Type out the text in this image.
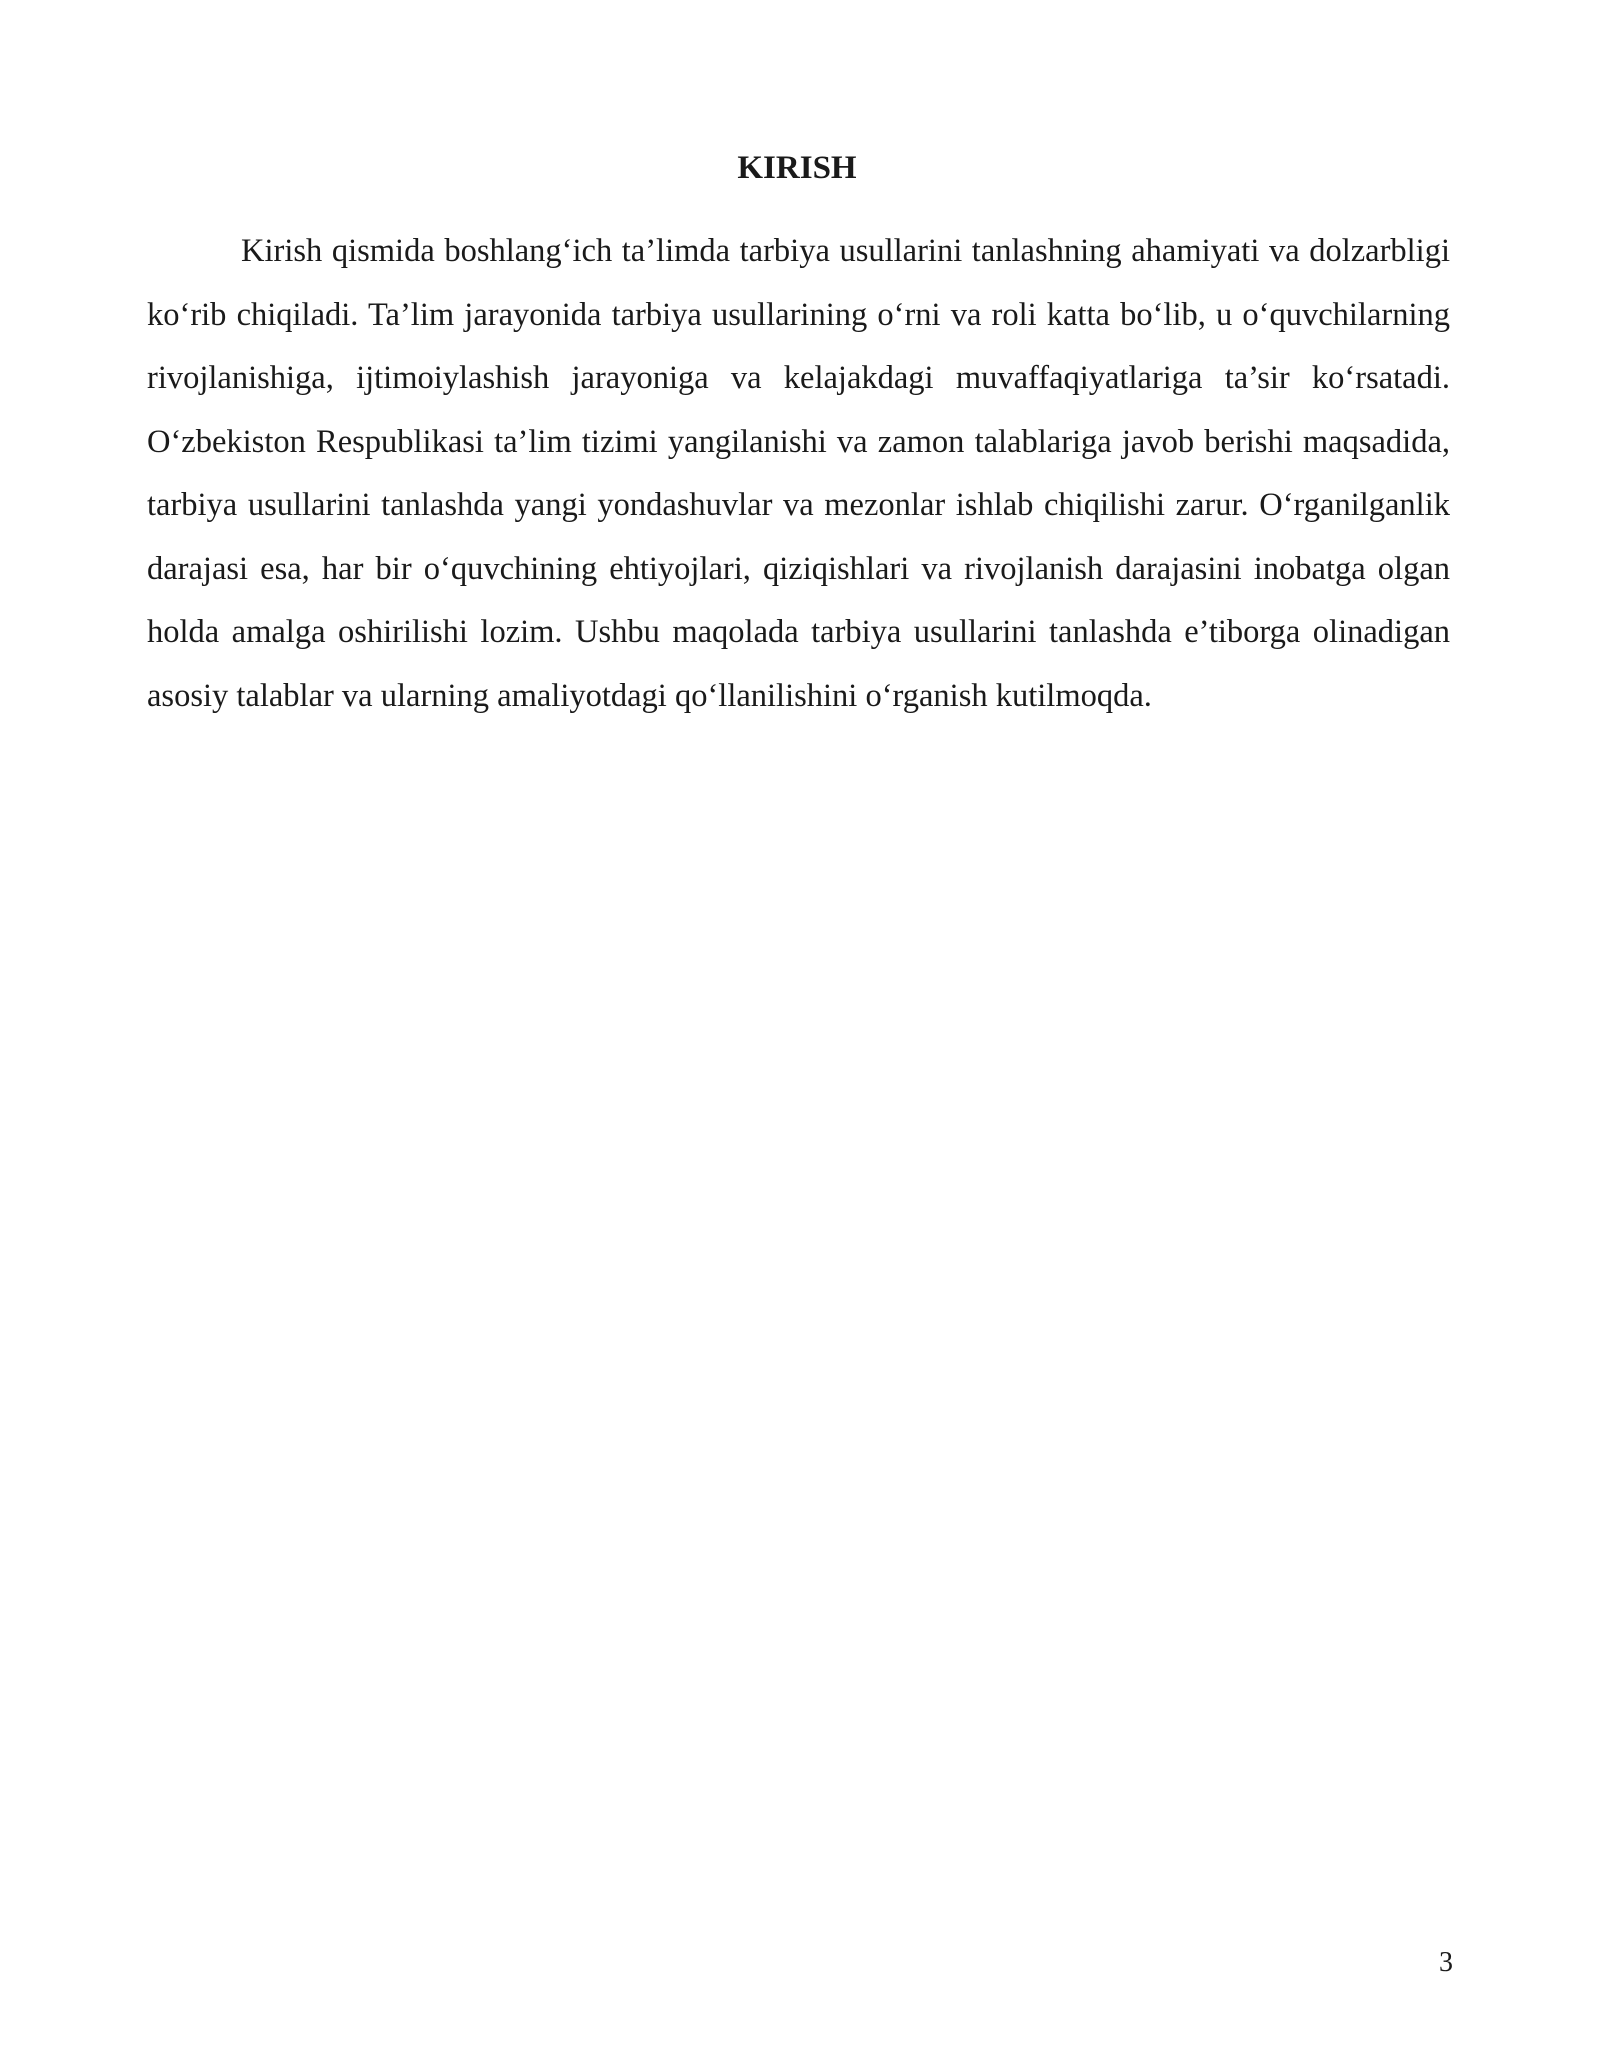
KIRISH

Kirish qismida boshlang‘ich ta’limda tarbiya usullarini tanlashning ahamiyati va dolzarbligi ko‘rib chiqiladi. Ta’lim jarayonida tarbiya usullarining o‘rni va roli katta bo‘lib, u o‘quvchilarning rivojlanishiga, ijtimoiylashish jarayoniga va kelajakdagi muvaffaqiyatlariga ta’sir ko‘rsatadi. O‘zbekiston Respublikasi ta’lim tizimi yangilanishi va zamon talablariga javob berishi maqsadida, tarbiya usullarini tanlashda yangi yondashuvlar va mezonlar ishlab chiqilishi zarur. O‘rganilganlik darajasi esa, har bir o‘quvchining ehtiyojlari, qiziqishlari va rivojlanish darajasini inobatga olgan holda amalga oshirilishi lozim. Ushbu maqolada tarbiya usullarini tanlashda e’tiborga olinadigan asosiy talablar va ularning amaliyotdagi qo‘llanilishini o‘rganish kutilmoqda.

3
